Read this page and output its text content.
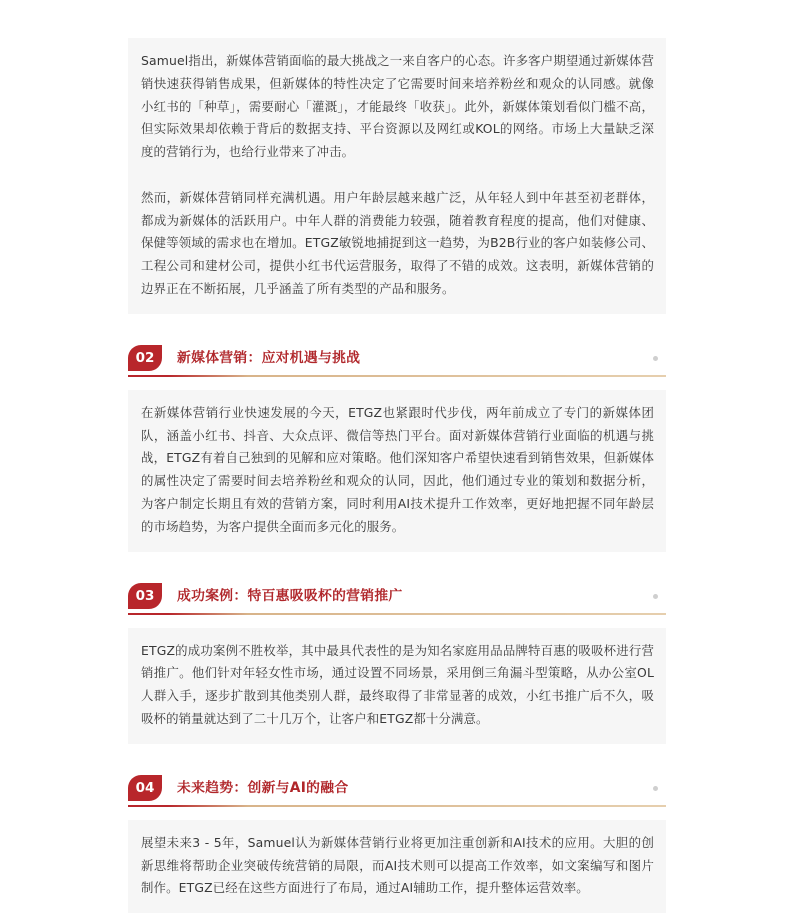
Samuel指出，新媒体营销面临的最大挑战之一来自客户的心态。许多客户期望通过新媒体营销快速获得销售成果，但新媒体的特性决定了它需要时间来培养粉丝和观众的认同感。就像小红书的「种草」，需要耐心「灌溉」，才能最终「收获」。此外，新媒体策划看似门槛不高，但实际效果却依赖于背后的数据支持、平台资源以及网红或KOL的网络。市场上大量缺乏深度的营销行为，也给行业带来了冲击。

然而，新媒体营销同样充满机遇。用户年龄层越来越广泛，从年轻人到中年甚至初老群体，都成为新媒体的活跃用户。中年人群的消费能力较强，随着教育程度的提高，他们对健康、保健等领域的需求也在增加。ETGZ敏锐地捕捉到这一趋势，为B2B行业的客户如装修公司、工程公司和建材公司，提供小红书代运营服务，取得了不错的成效。这表明，新媒体营销的边界正在不断拓展，几乎涵盖了所有类型的产品和服务。

02	新媒体营销：应对机遇与挑战

在新媒体营销行业快速发展的今天，ETGZ也紧跟时代步伐，两年前成立了专门的新媒体团队，涵盖小红书、抖音、大众点评、微信等热门平台。面对新媒体营销行业面临的机遇与挑战，ETGZ有着自己独到的见解和应对策略。他们深知客户希望快速看到销售效果，但新媒体的属性决定了需要时间去培养粉丝和观众的认同，因此，他们通过专业的策划和数据分析，为客户制定长期且有效的营销方案，同时利用AI技术提升工作效率，更好地把握不同年龄层的市场趋势，为客户提供全面而多元化的服务。

03	成功案例：特百惠吸吸杯的营销推广

ETGZ的成功案例不胜枚举，其中最具代表性的是为知名家庭用品品牌特百惠的吸吸杯进行营销推广。他们针对年轻女性市场，通过设置不同场景，采用倒三角漏斗型策略，从办公室OL人群入手，逐步扩散到其他类别人群，最终取得了非常显著的成效，小红书推广后不久，吸吸杯的销量就达到了二十几万个，让客户和ETGZ都十分满意。

04	未来趋势：创新与AI的融合

展望未来3 - 5年，Samuel认为新媒体营销行业将更加注重创新和AI技术的应用。大胆的创新思维将帮助企业突破传统营销的局限，而AI技术则可以提高工作效率，如文案编写和图片制作。ETGZ已经在这些方面进行了布局，通过AI辅助工作，提升整体运营效率。
